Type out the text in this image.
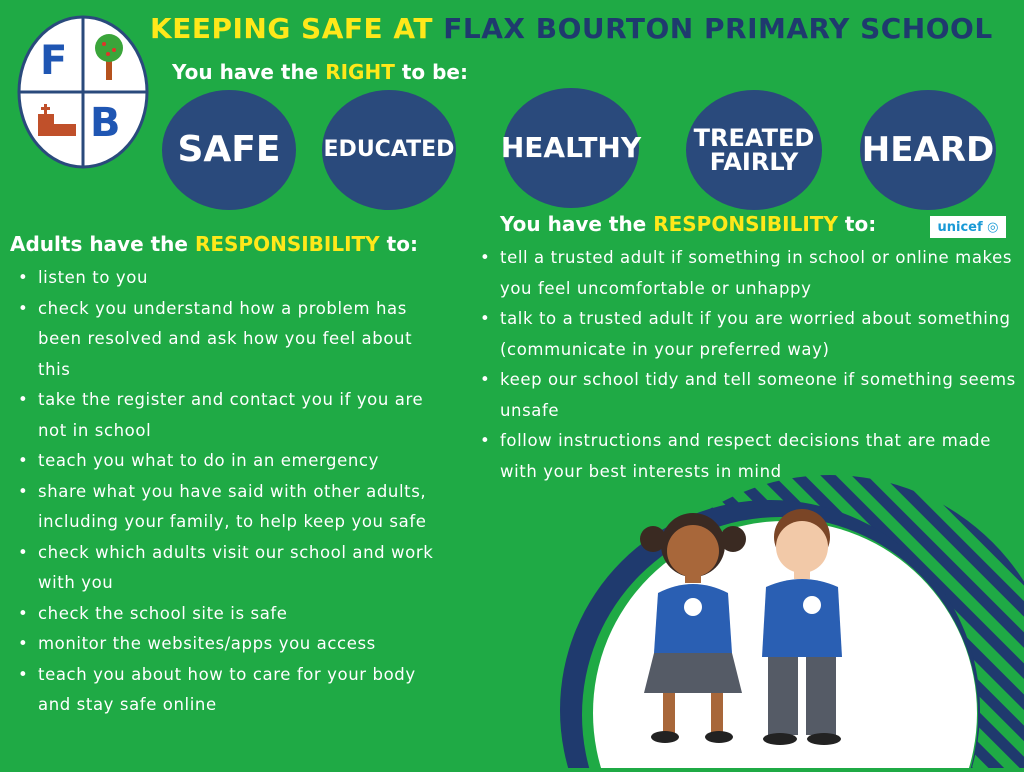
F
B
KEEPING SAFE AT FLAX BOURTON PRIMARY SCHOOL
You have the RIGHT to be:
SAFE EDUCATED HEALTHY TREATED FAIRLY	HEARD
Adults have the RESPONSIBILITY to:
• listen to you
• check you understand how a problem has been resolved and ask how you feel about this
• take the register and contact you if you are not in school
• teach you what to do in an emergency
• share what you have said with other adults, including your family, to help keep you safe
• check which adults visit our school and work with you
• check the school site is safe
• monitor the websites/apps you access
• teach you about how to care for your body and stay safe online
You have the RESPONSIBILITY to:	unicef
◎
• tell a trusted adult if something in school or online makes you feel uncomfortable or unhappy
• talk to a trusted adult if you are worried about something (communicate in your preferred way)
• keep our school tidy and tell someone if something seems unsafe
• follow instructions and respect decisions that are made with your best interests in mind
